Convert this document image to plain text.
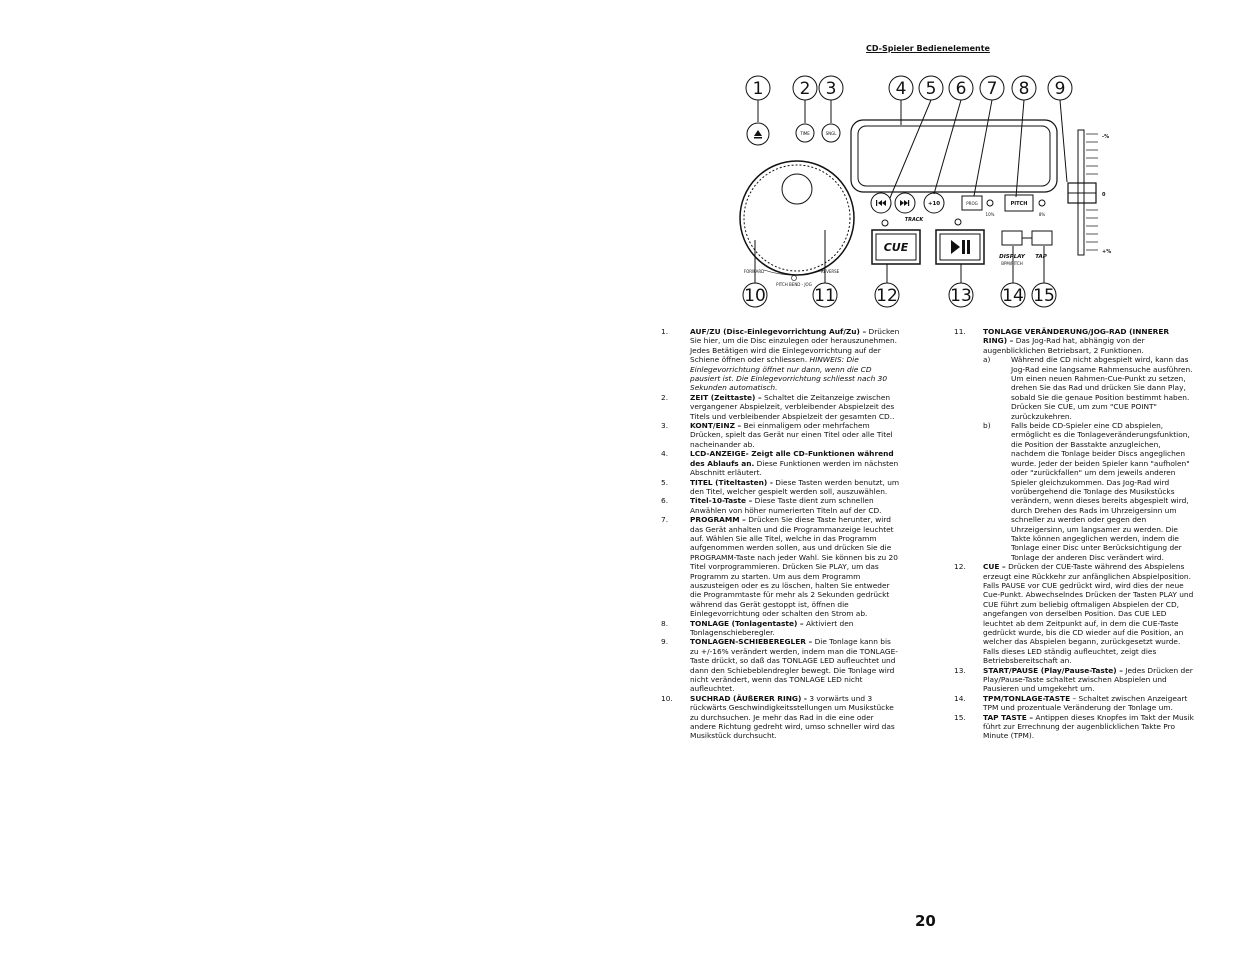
CD-Spieler Bedienelemente
1 2 3	4 5 6 7 8 9
10	11 12	13 14 15
TIME	SNGL
+10	PROG	PITCH
TRACK
10%	8%
CUE
DISPLAY TAP
BPM/PITCH
FORWARD	REVERSE
PITCH BEND - JOG
-%
0
+%
1.	AUF/ZU (Disc-Einlegevorrichtung Auf/Zu) – Drücken Sie hier, um die Disc einzulegen oder herauszunehmen. Jedes Betätigen wird die Einlegevorrichtung auf der Schiene öffnen oder schliessen. HINWEIS: Die Einlegevorrichtung öffnet nur dann, wenn die CD pausiert ist. Die Einlegevorrichtung schliesst nach 30 Sekunden automatisch.
2.	ZEIT (Zeittaste) – Schaltet die Zeitanzeige zwischen vergangener Abspielzeit, verbleibender Abspielzeit des Titels und verbleibender Abspielzeit der gesamten CD..
3.	KONT/EINZ – Bei einmaligem oder mehrfachem Drücken, spielt das Gerät nur einen Titel oder alle Titel nacheinander ab.
4.	LCD-ANZEIGE- Zeigt alle CD-Funktionen während des Ablaufs an. Diese Funktionen werden im nächsten Abschnitt erläutert.
5.	TITEL (Titeltasten) - Diese Tasten werden benutzt, um den Titel, welcher gespielt werden soll, auszuwählen.
6.	Titel-10-Taste – Diese Taste dient zum schnellen Anwählen von höher numerierten Titeln auf der CD.
7.	PROGRAMM – Drücken Sie diese Taste herunter, wird das Gerät anhalten und die Programmanzeige leuchtet auf. Wählen Sie alle Titel, welche in das Programm aufgenommen werden sollen, aus und drücken Sie die PROGRAMM-Taste nach jeder Wahl. Sie können bis zu 20 Titel vorprogrammieren. Drücken Sie PLAY, um das Programm zu starten. Um aus dem Programm auszusteigen oder es zu löschen, halten Sie entweder die Programmtaste für mehr als 2 Sekunden gedrückt während das Gerät gestoppt ist, öffnen die Einlegevorrichtung oder schalten den Strom ab.
8.	TONLAGE (Tonlagentaste) – Aktiviert den Tonlagenschieberegler.
9.	TONLAGEN-SCHIEBEREGLER – Die Tonlage kann bis zu +/-16% verändert werden, indem man die TONLAGE-Taste drückt, so daß das TONLAGE LED aufleuchtet und dann den Schiebeblendregler bewegt. Die Tonlage wird nicht verändert, wenn das TONLAGE LED nicht aufleuchtet.
10. SUCHRAD (ÄUßERER RING) - 3 vorwärts und 3 rückwärts Geschwindigkeitsstellungen um Musikstücke zu durchsuchen. Je mehr das Rad in die eine oder andere Richtung gedreht wird, umso schneller wird das Musikstück durchsucht.
11. TONLAGE VERÄNDERUNG/JOG-RAD (INNERER RING) – Das Jog-Rad hat, abhängig von der augenblicklichen Betriebsart, 2 Funktionen.
a)	Während die CD nicht abgespielt wird, kann das Jog-Rad eine langsame Rahmensuche ausführen. Um einen neuen Rahmen-Cue-Punkt zu setzen, drehen Sie das Rad und drücken Sie dann Play, sobald Sie die genaue Position bestimmt haben. Drücken Sie CUE, um zum "CUE POINT" zurückzukehren.
b)	Falls beide CD-Spieler eine CD abspielen, ermöglicht es die Tonlageveränderungsfunktion, die Position der Basstakte anzugleichen, nachdem die Tonlage beider Discs angeglichen wurde. Jeder der beiden Spieler kann "aufholen" oder "zurückfallen" um dem jeweils anderen Spieler gleichzukommen. Das Jog-Rad wird vorübergehend die Tonlage des Musikstücks verändern, wenn dieses bereits abgespielt wird, durch Drehen des Rads im Uhrzeigersinn um schneller zu werden oder gegen den Uhrzeigersinn, um langsamer zu werden. Die Takte können angeglichen werden, indem die Tonlage einer Disc unter Berücksichtigung der Tonlage der anderen Disc verändert wird.
12. CUE – Drücken der CUE-Taste während des Abspielens erzeugt eine Rückkehr zur anfänglichen Abspielposition. Falls PAUSE vor CUE gedrückt wird, wird dies der neue Cue-Punkt. Abwechselndes Drücken der Tasten PLAY und CUE führt zum beliebig oftmaligen Abspielen der CD, angefangen von derselben Position. Das CUE LED leuchtet ab dem Zeitpunkt auf, in dem die CUE-Taste gedrückt wurde, bis die CD wieder auf die Position, an welcher das Abspielen begann, zurückgesetzt wurde. Falls dieses LED ständig aufleuchtet, zeigt dies Betriebsbereitschaft an.
13. START/PAUSE (Play/Pause-Taste) – Jedes Drücken der Play/Pause-Taste schaltet zwischen Abspielen und Pausieren und umgekehrt um.
14. TPM/TONLAGE-TASTE – Schaltet zwischen Anzeigeart TPM und prozentuale Veränderung der Tonlage um.
15. TAP TASTE – Antippen dieses Knopfes im Takt der Musik führt zur Errechnung der augenblicklichen Takte Pro Minute (TPM).
20
